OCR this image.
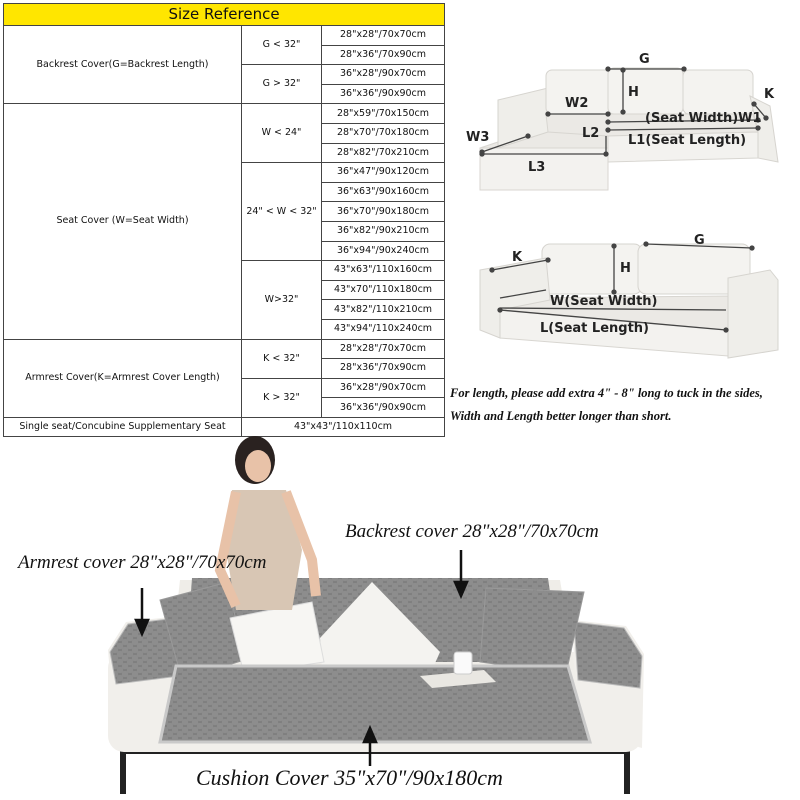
Size Reference		
Backrest Cover(G=Backrest Length)	G < 32"	28"x28"/70x70cm
		28"x36"/70x90cm
	G > 32"	36"x28"/90x70cm
		36"x36"/90x90cm
Seat Cover (W=Seat Width)	W < 24"	28"x59"/70x150cm
		28"x70"/70x180cm
		28"x82"/70x210cm
	24" < W < 32"	36"x47"/90x120cm
		36"x63"/90x160cm
		36"x70"/90x180cm
		36"x82"/90x210cm
		36"x94"/90x240cm
	W>32"	43"x63"/110x160cm
		43"x70"/110x180cm
		43"x82"/110x210cm
		43"x94"/110x240cm
Armrest Cover(K=Armrest Cover Length)	K < 32"	28"x28"/70x70cm
		28"x36"/70x90cm
	K > 32"	36"x28"/90x70cm
		36"x36"/90x90cm
Single seat/Concubine Supplementary Seat	43"x43"/110x110cm	
G
H
W2
(Seat Width)W1
K
L2 L1(Seat Length)
W3
L3
K
G
H
W(Seat Width)
L(Seat Length)
For length, please add extra 4" - 8" long to tuck in the sides,
Width and Length better longer than short.
Armrest cover 28"x28"/70x70cm
Backrest cover 28"x28"/70x70cm
Cushion Cover 35"x70"/90x180cm
